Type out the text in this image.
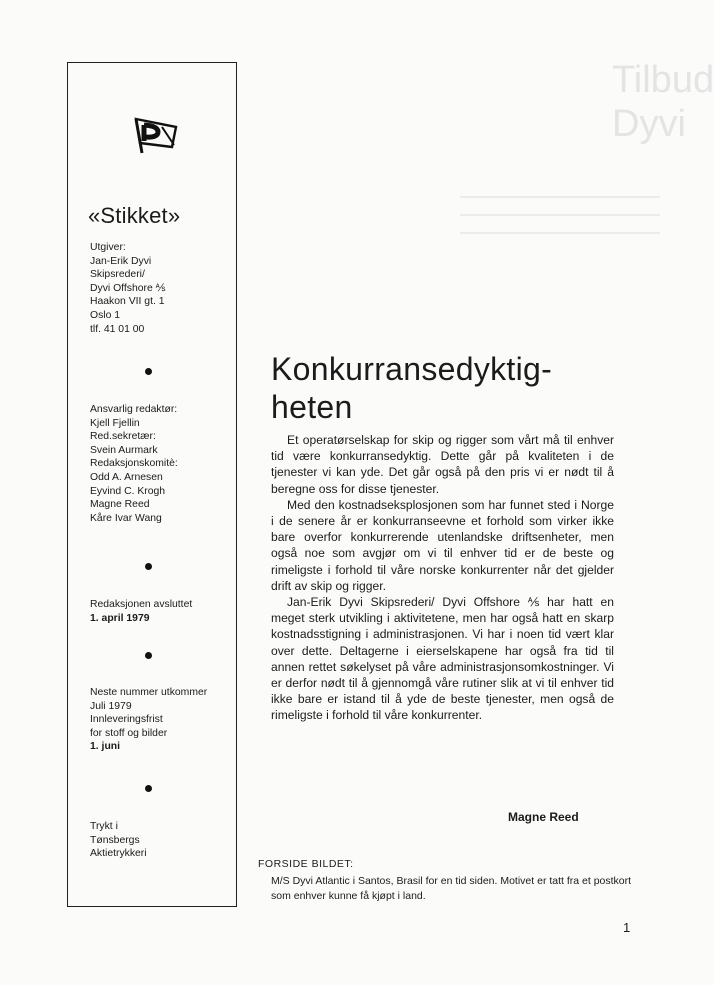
Tilbud
Dyvi
«Stikket»
Utgiver:
Jan-Erik Dyvi
Skipsrederi/
Dyvi Offshore ⅍
Haakon VII gt. 1
Oslo 1
tlf. 41 01 00
Ansvarlig redaktør:
Kjell Fjellin
Red.sekretær:
Svein Aurmark
Redaksjonskomitè:
Odd A. Arnesen
Eyvind C. Krogh
Magne Reed
Kåre Ivar Wang
Redaksjonen avsluttet
1. april 1979
Neste nummer utkommer
Juli 1979
Innleveringsfrist
for stoff og bilder
1. juni
Trykt i
Tønsbergs
Aktietrykkeri
Konkurransedyktig-
heten

Et operatørselskap for skip og rigger som vårt må til enhver tid være konkurransedyktig. Dette går på kvaliteten i de tjenester vi kan yde. Det går også på den pris vi er nødt til å beregne oss for disse tjenester.

Med den kostnadseksplosjonen som har funnet sted i Norge i de senere år er konkurranseevne et forhold som virker ikke bare overfor konkurrerende utenlandske driftsenheter, men også noe som avgjør om vi til enhver tid er de beste og rimeligste i forhold til våre norske konkurrenter når det gjelder drift av skip og rigger.

Jan-Erik Dyvi Skipsrederi/ Dyvi Offshore ⅍ har hatt en meget sterk utvikling i aktivitetene, men har også hatt en skarp kostnadsstigning i administrasjonen. Vi har i noen tid vært klar over dette. Deltagerne i eierselskapene har også fra tid til annen rettet søkelyset på våre administrasjonsomkostninger. Vi er derfor nødt til å gjennomgå våre rutiner slik at vi til enhver tid ikke bare er istand til å yde de beste tjenester, men også de rimeligste i forhold til våre konkurrenter.

Magne Reed
FORSIDE BILDET:
M/S Dyvi Atlantic i Santos, Brasil for en tid siden. Motivet er tatt fra et postkort som enhver kunne få kjøpt i land.
1
